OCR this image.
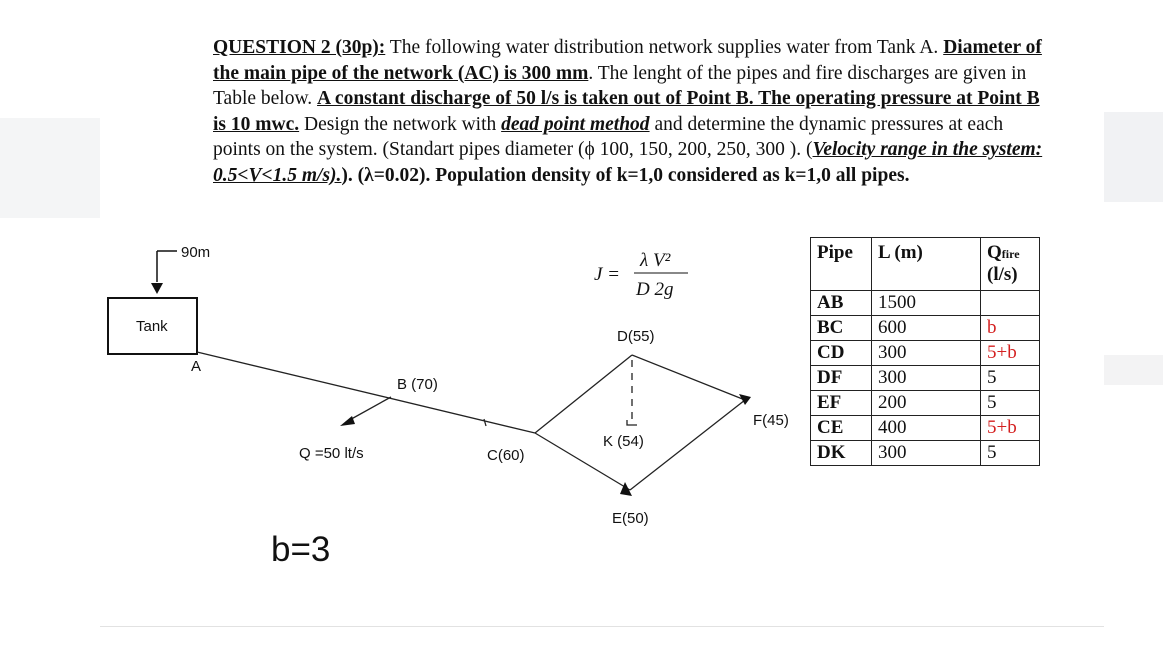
QUESTION 2 (30p): The following water distribution network supplies water from Tank A. Diameter of the main pipe of the network (AC) is 300 mm. The lenght of the pipes and fire discharges are given in Table below. A constant discharge of 50 l/s is taken out of Point B. The operating pressure at Point B is 10 mwc. Design the network with dead point method and determine the dynamic pressures at each points on the system. (Standart pipes diameter (ϕ 100, 150, 200, 250, 300 ). (Velocity range in the system: 0.5<V<1.5 m/s).). (λ=0.02). Population density of k=1,0 considered as k=1,0 all pipes.
90m
Tank
A
B (70)
Q =50 lt/s	C(60)
D(55)
K (54)
E(50)
F(45)
J =
λ V²
D 2g
Pipe	L (m)	Qfire
(l/s)
AB	1500	
BC	600	b
CD	300	5+b
DF	300	5
EF	200	5
CE	400	5+b
DK	300	5
b=3
